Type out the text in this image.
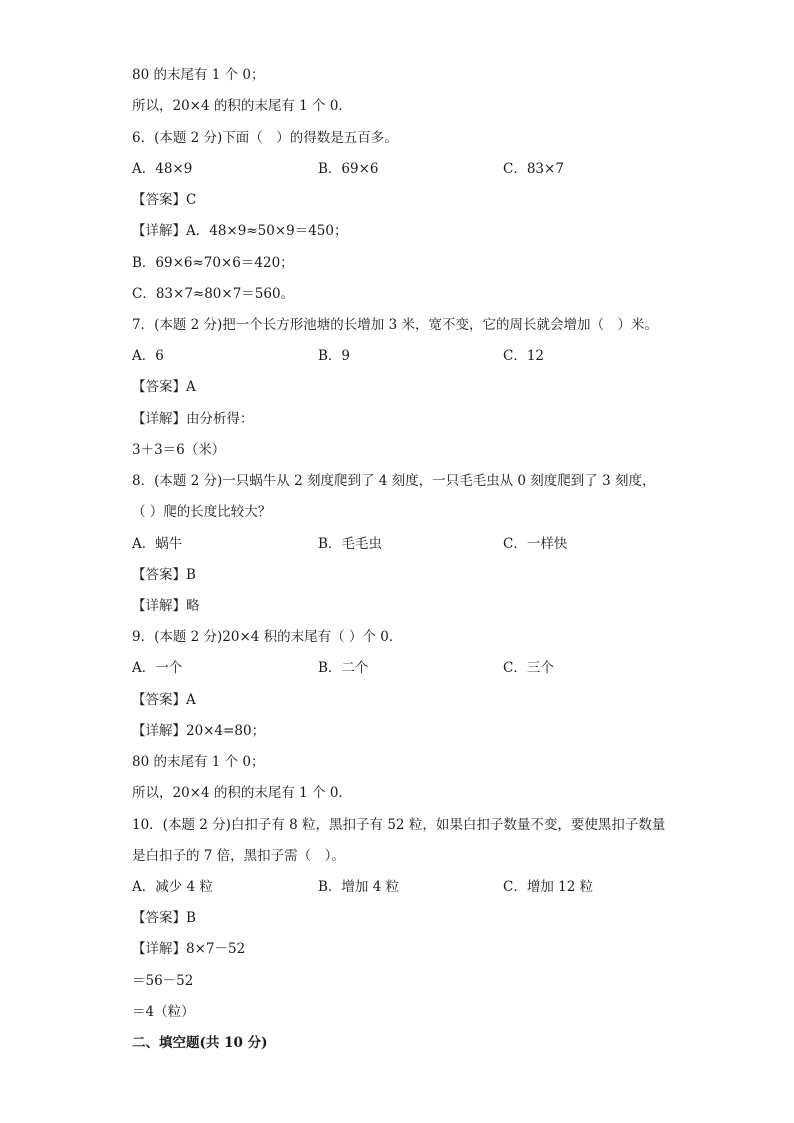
80 的末尾有 1 个 0；
所以，20×4 的积的末尾有 1 个 0．
6．(本题 2 分)下面（　）的得数是五百多。
A．48×9	B．69×6	C．83×7
【答案】C
【详解】A．48×9≈50×9＝450；
B．69×6≈70×6＝420；
C．83×7≈80×7＝560。
7．(本题 2 分)把一个长方形池塘的长增加 3 米，宽不变，它的周长就会增加（　）米。
A．6	B．9	C．12
【答案】A
【详解】由分析得：
3＋3＝6（米）
8．(本题 2 分)一只蜗牛从 2 刻度爬到了 4 刻度，一只毛毛虫从 0 刻度爬到了 3 刻度，
（ ）爬的长度比较大？
A．蜗牛	B．毛毛虫	C．一样快
【答案】B
【详解】略
9．(本题 2 分)20×4 积的末尾有（ ）个 0．
A．一个	B．二个	C．三个
【答案】A
【详解】20×4=80；
80 的末尾有 1 个 0；
所以，20×4 的积的末尾有 1 个 0．
10．(本题 2 分)白扣子有 8 粒，黑扣子有 52 粒，如果白扣子数量不变，要使黑扣子数量
是白扣子的 7 倍，黑扣子需（　）。
A．减少 4 粒	B．增加 4 粒	C．增加 12 粒
【答案】B
【详解】8×7－52
＝56－52
＝4（粒）
二、填空题(共 10 分)
